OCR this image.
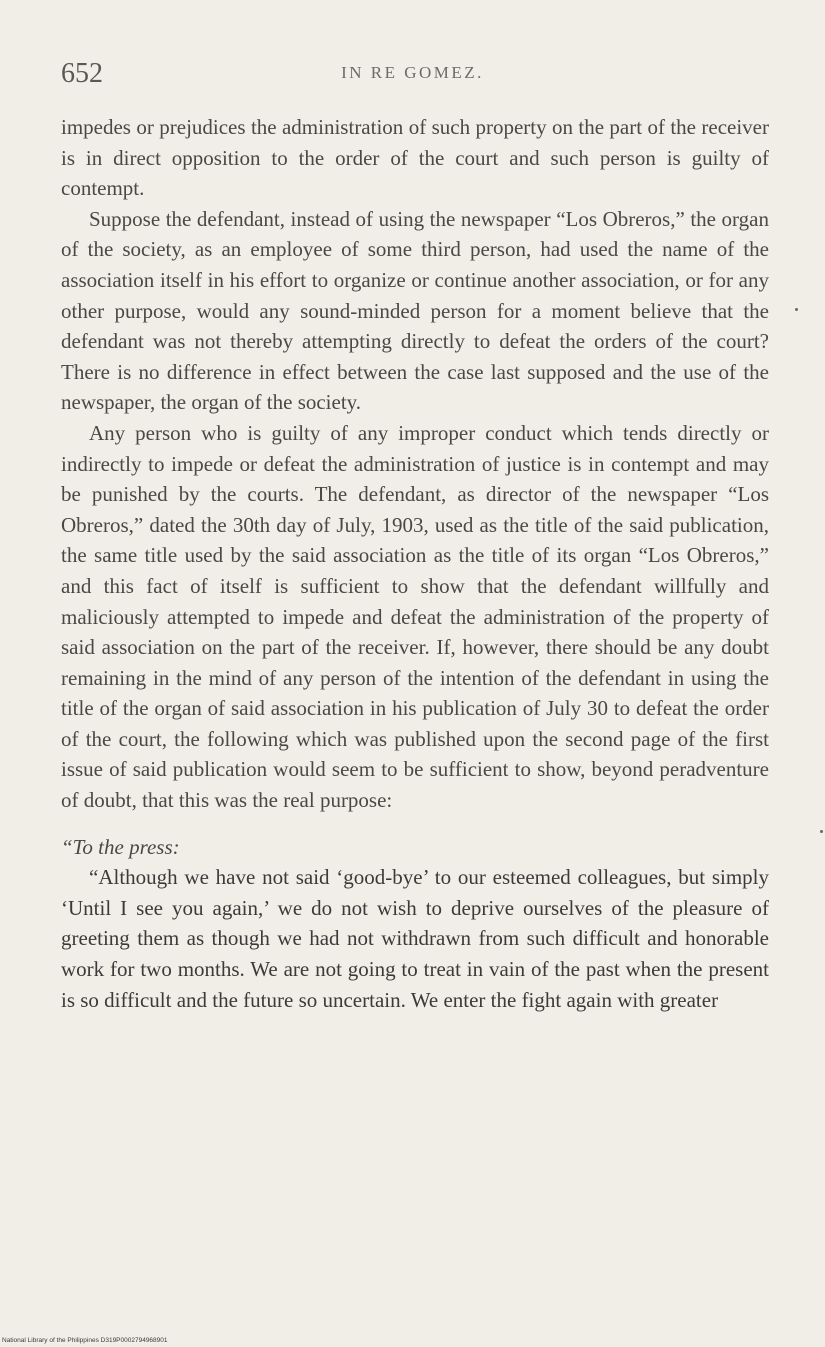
652	IN RE GOMEZ.

impedes or prejudices the administration of such property on the part of the receiver is in direct opposition to the order of the court and such person is guilty of contempt.

Suppose the defendant, instead of using the newspaper “Los Obreros,” the organ of the society, as an employee of some third person, had used the name of the association itself in his effort to organize or continue another association, or for any other purpose, would any sound-minded person for a moment believe that the defendant was not thereby attempting directly to defeat the orders of the court? There is no difference in effect between the case last supposed and the use of the newspaper, the organ of the society.

Any person who is guilty of any improper conduct which tends directly or indirectly to impede or defeat the administration of justice is in contempt and may be punished by the courts. The defendant, as director of the newspaper “Los Obreros,” dated the 30th day of July, 1903, used as the title of the said publication, the same title used by the said association as the title of its organ “Los Obreros,” and this fact of itself is sufficient to show that the defendant willfully and maliciously attempted to impede and defeat the administration of the property of said association on the part of the receiver. If, however, there should be any doubt remaining in the mind of any person of the intention of the defendant in using the title of the organ of said association in his publication of July 30 to defeat the order of the court, the following which was published upon the second page of the first issue of said publication would seem to be sufficient to show, beyond peradventure of doubt, that this was the real purpose:

“To the press:

“Although we have not said ‘good-bye’ to our esteemed colleagues, but simply ‘Until I see you again,’ we do not wish to deprive ourselves of the pleasure of greeting them as though we had not withdrawn from such difficult and honorable work for two months. We are not going to treat in vain of the past when the present is so difficult and the future so uncertain. We enter the fight again with greater

National Library of the Philippines D319P0002794968901
